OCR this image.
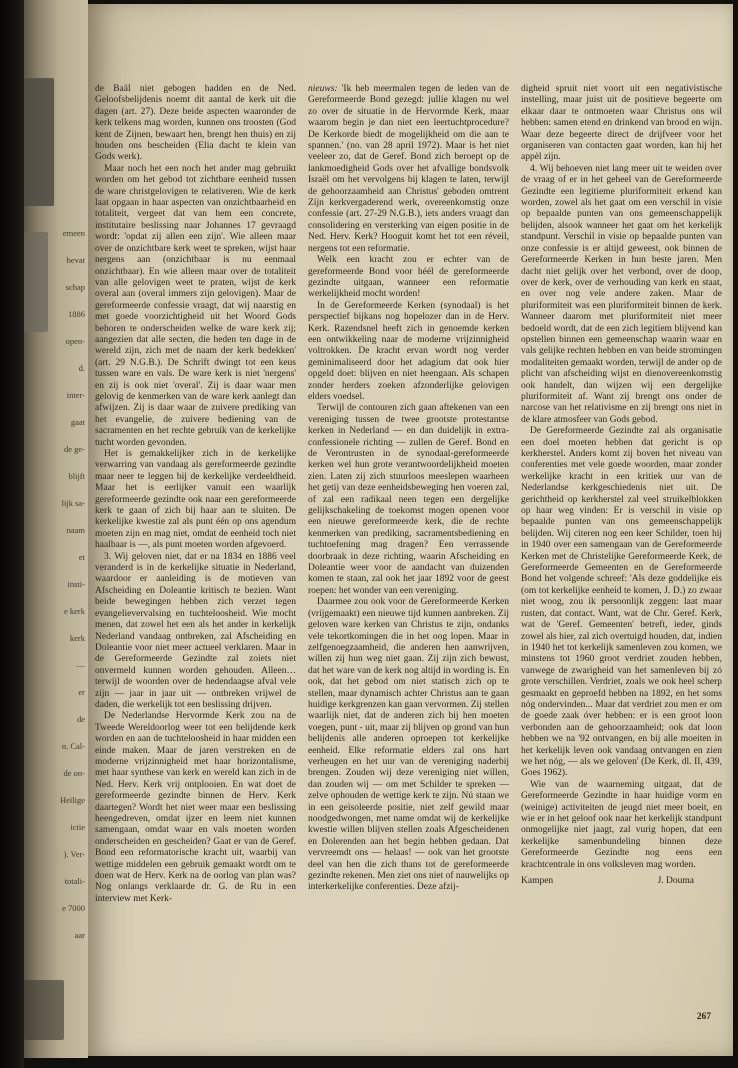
emeen
bevat
schap
1886
open-
d.
inter-
gaat
de ge-
blijft
lijk sa-
naam
et
insti-
e kerk
kerk
—
er
de
n. Cal-
de on-
Heilige
ictie
). Ver-
totali-
e 7000
aar

de Baäl niet gebogen hadden en de Ned. Geloofsbelijdenis noemt dit aantal de kerk uit die dagen (art. 27). Deze beide aspecten waaronder de kerk telkens mag worden, kunnen ons troosten (God kent de Zijnen, bewaart hen, brengt hen thuis) en zij houden ons bescheiden (Elia dacht te klein van Gods werk).

Maar noch het een noch het ander mag gebruikt worden om het gebod tot zichtbare eenheid tussen de ware christgelovigen te relativeren. Wie de kerk laat opgaan in haar aspecten van onzichtbaarheid en totaliteit, vergeet dat van hem een concrete, institutaire beslissing naar Johannes 17 gevraagd wordt: 'opdat zij allen een zijn'. Wie alleen maar over de onzichtbare kerk weet te spreken, wijst haar nergens aan (onzichtbaar is nu eenmaal onzichtbaar). En wie alleen maar over de totaliteit van alle gelovigen weet te praten, wijst de kerk overal aan (overal immers zijn gelovigen). Maar de gereformeerde confessie vraagt, dat wij naarstig en met goede voorzichtigheid uit het Woord Gods behoren te onderscheiden welke de ware kerk zij; aangezien dat alle secten, die heden ten dage in de wereld zijn, zich met de naam der kerk bedekken' (art. 29 N.G.B.). De Schrift dwingt tot een keus tussen ware en vals. De ware kerk is niet 'nergens' en zij is ook niet 'overal'. Zij is daar waar men gelovig de kenmerken van de ware kerk aanlegt dan afwijzen. Zij is daar waar de zuivere prediking van het evangelie, de zuivere bediening van de sacramenten en het rechte gebruik van de kerkelijke tucht worden gevonden.

Het is gemakkelijker zich in de kerkelijke verwarring van vandaag als gereformeerde gezindte maar neer te leggen bij de kerkelijke verdeeldheid. Maar het is eerlijker vanuit een waarlijk gereformeerde gezindte ook naar een gereformeerde kerk te gaan of zich bij haar aan te sluiten. De kerkelijke kwestie zal als punt één op ons agendum moeten zijn en mag niet, omdat de eenheid toch niet haalbaar is —, als punt moeten worden afgevoerd.

3. Wij geloven niet, dat er na 1834 en 1886 veel veranderd is in de kerkelijke situatie in Nederland, waardoor er aanleiding is de motieven van Afscheiding en Doleantie kritisch te bezien. Want beide bewegingen hebben zich verzet tegen evangelievervalsing en tuchteloosheid. Wie mocht menen, dat zowel het een als het ander in kerkelijk Nederland vandaag ontbreken, zal Afscheiding en Doleantie voor niet meer actueel verklaren. Maar in de Gereformeerde Gezindte zal zoiets niet onvermeld kunnen worden gehouden. Alleen… terwijl de woorden over de hedendaagse afval vele zijn — jaar in jaar uit — ontbreken vrijwel de daden, die werkelijk tot een beslissing drijven.

De Nederlandse Hervormde Kerk zou na de Tweede Wereldoorlog weer tot een belijdende kerk worden en aan de tuchteloosheid in haar midden een einde maken. Maar de jaren verstreken en de moderne vrijzinnigheid met haar horizontalisme, met haar synthese van kerk en wereld kan zich in de Ned. Herv. Kerk vrij ontplooien. En wat doet de gereformeerde gezindte binnen de Herv. Kerk daartegen? Wordt het niet weer maar een beslissing heengedreven, omdat ijzer en leem niet kunnen samengaan, omdat waar en vals moeten worden onderscheiden en gescheiden? Gaat er van de Geref. Bond een reformatorische kracht uit, waarbij van wettige middelen een gebruik gemaakt wordt om te doen wat de Herv. Kerk na de oorlog van plan was? Nog onlangs verklaarde dr. G. de Ru in een interview met Kerk-

nieuws: 'Ik heb meermalen tegen de leden van de Gereformeerde Bond gezegd: jullie klagen nu wel zo over de situatie in de Hervormde Kerk, maar waarom begin je dan niet een leertuchtprocedure? De Kerkorde biedt de mogelijkheid om die aan te spannen.' (no. van 28 april 1972). Maar is het niet veeleer zo, dat de Geref. Bond zich beroept op de lankmoedigheid Gods over het afvallige bondsvolk Israël om het vervolgens bij klagen te laten, terwijl de gehoorzaamheid aan Christus' geboden omtrent Zijn kerkvergaderend werk, overeenkomstig onze confessie (art. 27-29 N.G.B.), iets anders vraagt dan consolidering en versterking van eigen positie in de Ned. Herv. Kerk? Hooguit komt het tot een réveil, nergens tot een reformatie.

Welk een kracht zou er echter van de gereformeerde Bond voor héél de gereformeerde gezindte uitgaan, wanneer een reformatie werkelijkheid mocht worden!

In de Gereformeerde Kerken (synodaal) is het perspectief bijkans nog hopelozer dan in de Herv. Kerk. Razendsnel heeft zich in genoemde kerken een ontwikkeling naar de moderne vrijzinnigheid voltrokken. De kracht ervan wordt nog verder geminimaliseerd door het adagium dat ook hier opgeld doet: blijven en niet heengaan. Als schapen zonder herders zoeken afzonderlijke gelovigen elders voedsel.

Terwijl de contouren zich gaan aftekenen van een vereniging tussen de twee grootste protestantse kerken in Nederland — en dan duidelijk in extra-confessionele richting — zullen de Geref. Bond en de Verontrusten in de synodaal-gereformeerde kerken wel hun grote verantwoordelijkheid moeten zien. Laten zij zich stuurloos meeslepen waarheen het getij van deze eenheidsbeweging hen voeren zal, of zal een radikaal neen tegen een dergelijke gelijkschakeling de toekomst mogen openen voor een nieuwe gereformeerde kerk, die de rechte kenmerken van prediking, sacramentsbediening en tuchtoefening mag dragen? Een verrassende doorbraak in deze richting, waarin Afscheiding en Doleantie weer voor de aandacht van duizenden komen te staan, zal ook het jaar 1892 voor de geest roepen: het wonder van een vereniging.

Daarmee zou ook voor de Gereformeerde Kerken (vrijgemaakt) een nieuwe tijd kunnen aanbreken. Zij geloven ware kerken van Christus te zijn, ondanks vele tekortkomingen die in het oog lopen. Maar in zelfgenoegzaamheid, die anderen hen aanwrijven, willen zij hun weg niet gaan. Zij zijn zich bewust, dat het ware van de kerk nog altijd in wording is. En ook, dat het gebod om niet statisch zich op te stellen, maar dynamisch achter Christus aan te gaan huidige kerkgrenzen kan gaan vervormen. Zij stellen waarlijk niet, dat de anderen zich bij hen moeten voegen, punt - uit, maar zij blijven op grond van hun belijdenis alle anderen oproepen tot kerkelijke eenheid. Elke reformatie elders zal ons hart verheugen en het uur van de vereniging naderbij brengen. Zouden wij deze vereniging niet willen, dan zouden wij — om met Schilder te spreken — zelve ophouden de wettige kerk te zijn. Nú staan we in een geïsoleerde positie, niet zelf gewild maar noodgedwongen, met name omdat wij de kerkelijke kwestie willen blijven stellen zoals Afgescheidenen en Dolerenden aan het begin hebben gedaan. Dat vervreemdt ons — helaas! — ook van het grootste deel van hen die zich thans tot de gereformeerde gezindte rekenen. Men ziet ons niet of nauwelijks op interkerkelijke conferenties. Deze afzij-

digheid spruit niet voort uit een negativistische instelling, maar juist uit de positieve begeerte om elkaar daar te ontmoeten waar Christus ons wil hebben: samen etend en drinkend van brood en wijn. Waar deze begeerte direct de drijfveer voor het organiseren van contacten gaat worden, kan hij het appèl zijn.

4. Wij behoeven niet lang meer uit te weiden over de vraag of er in het geheel van de Gereformeerde Gezindte een legitieme pluriformiteit erkend kan worden, zowel als het gaat om een verschil in visie op bepaalde punten van ons gemeenschappelijk belijden, alsook wanneer het gaat om het kerkelijk standpunt. Verschil in visie op bepaalde punten van onze confessie is er altijd geweest, ook binnen de Gereformeerde Kerken in hun beste jaren. Men dacht niet gelijk over het verbond, over de doop, over de kerk, over de verhouding van kerk en staat, en over nog vele andere zaken. Maar de pluriformiteit was een pluriformiteit binnen de kerk. Wanneer daarom met pluriformiteit niet meer bedoeld wordt, dat de een zich legitiem blijvend kan opstellen binnen een gemeenschap waarin waar en vals gelijke rechten hebben en van beide stromingen modaliteiten gemaakt worden, terwijl de ander op de plicht van afscheiding wijst en dienovereenkomstig ook handelt, dan wijzen wij een dergelijke pluriformiteit af. Want zij brengt ons onder de narcose van het relativisme en zij brengt ons niet in de klare atmosfeer van Gods gebod.

De Gereformeerde Gezindte zal als organisatie een doel moeten hebben dat gericht is op kerkherstel. Anders komt zij boven het niveau van conferenties met vele goede woorden, maar zonder werkelijke kracht in een kritiek uur van de Nederlandse kerkgeschiedenis niet uit. De gerichtheid op kerkherstel zal veel struikelblokken op haar weg vinden: Er is verschil in visie op bepaalde punten van ons gemeenschappelijk belijden. Wij citeren nog een keer Schilder, toen hij in 1940 over een samengaan van de Gereformeerde Kerken met de Christelijke Gereformeerde Kerk, de Gereformeerde Gemeenten en de Gereformeerde Bond het volgende schreef: 'Als deze goddelijke eis (om tot kerkelijke eenheid te komen, J. D.) zo zwaar niet woog, zou ik persoonlijk zeggen: laat maar rusten, dat contact. Want, wat de Chr. Geref. Kerk, wat de 'Geref. Gemeenten' betreft, ieder, ginds zowel als hier, zal zich overtuigd houden, dat, indien in 1940 het tot kerkelijk samenleven zou komen, we minstens tot 1960 groot verdriet zouden hebben, vanwege de zwarigheid van het samenleven bij zó grote verschillen. Verdriet, zoals we ook heel scherp gesmaakt en geproefd hebben na 1892, en het soms nóg ondervinden... Maar dat verdriet zou men er om de goede zaak óver hebben: er is een groot loon verbonden aan de gehoorzaamheid; ook dat loon hebben we na '92 ontvangen, en bij alle moeiten in het kerkelijk leven ook vandaag ontvangen en zien we het nóg, — als we geloven' (De Kerk, dl. II, 439, Goes 1962).

Wie van de waarneming uitgaat, dat de Gereformeerde Gezindte in haar huidige vorm en (weinige) activiteiten de jeugd niet meer boeit, en wie er in het geloof ook naar het kerkelijk standpunt onmogelijke niet jaagt, zal vurig hopen, dat een kerkelijke samenbundeling binnen deze Gereformeerde Gezindte nog eens een krachtcentrale in ons volksleven mag worden.

Kampen	J. Douma
267
